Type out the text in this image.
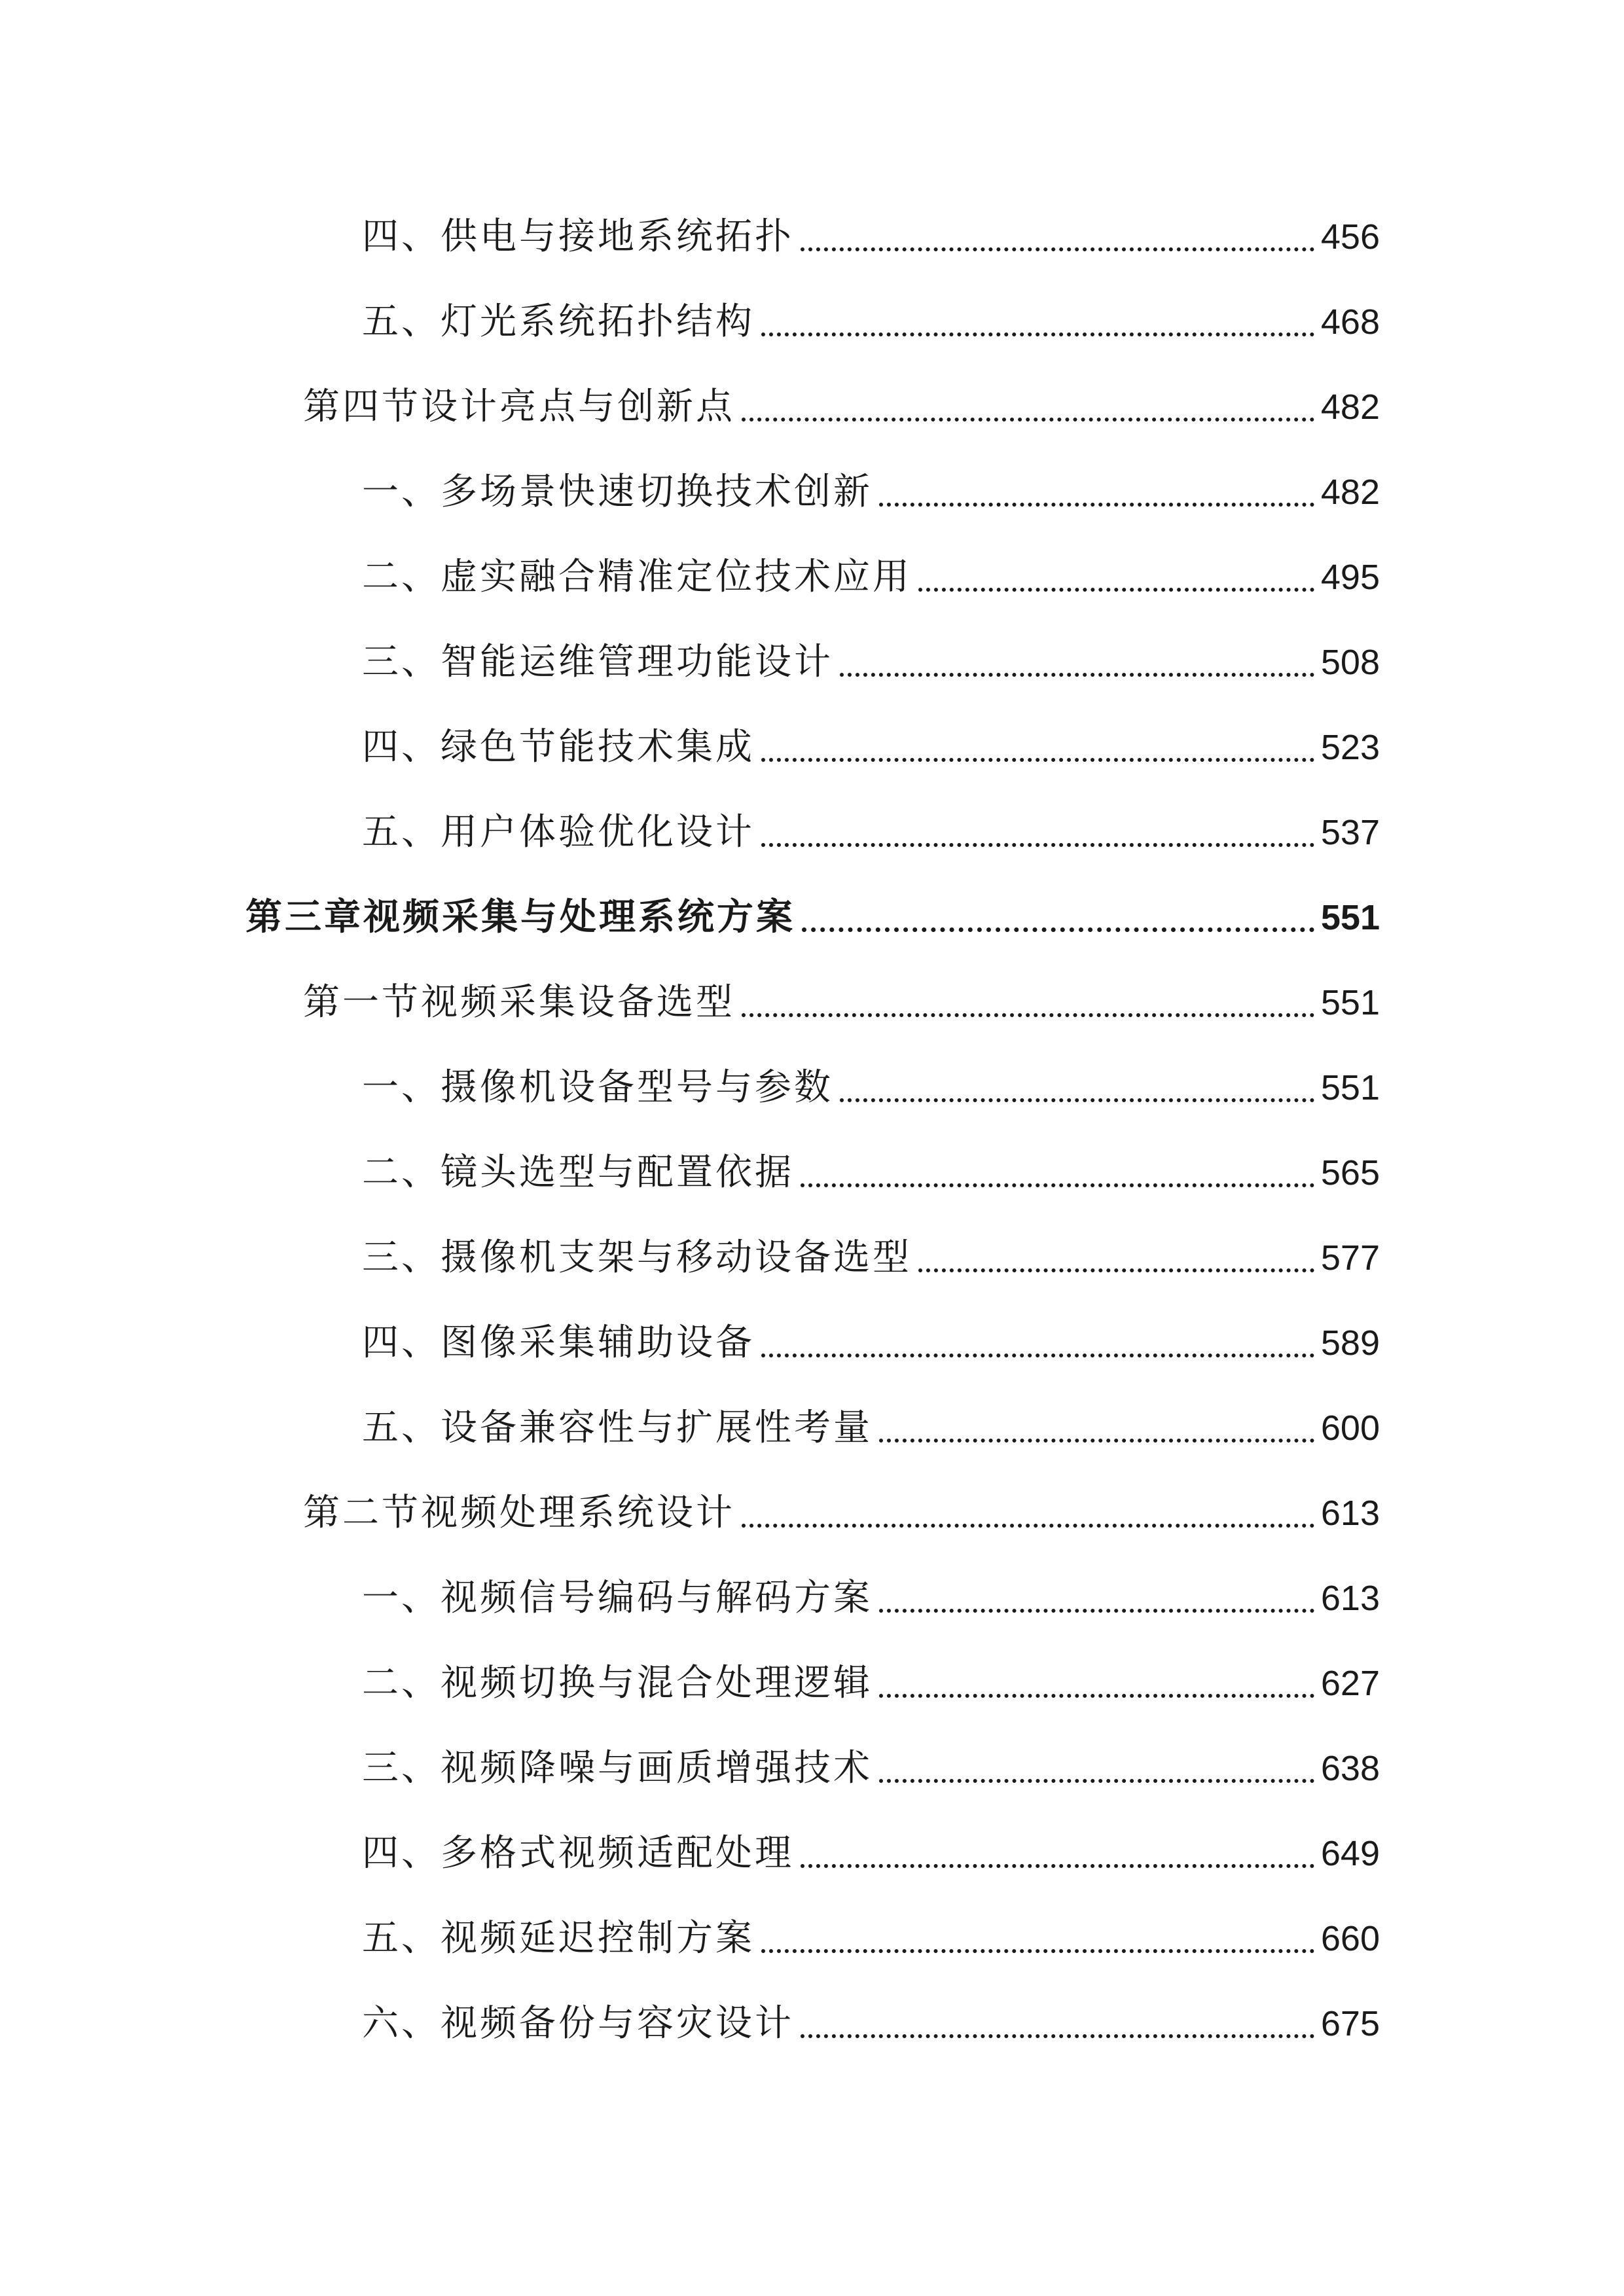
四、供电与接地系统拓扑	456
五、灯光系统拓扑结构	468
第四节设计亮点与创新点	482
一、多场景快速切换技术创新	482
二、虚实融合精准定位技术应用	495
三、智能运维管理功能设计	508
四、绿色节能技术集成	523
五、用户体验优化设计	537
第三章视频采集与处理系统方案	551
第一节视频采集设备选型	551
一、摄像机设备型号与参数	551
二、镜头选型与配置依据	565
三、摄像机支架与移动设备选型	577
四、图像采集辅助设备	589
五、设备兼容性与扩展性考量	600
第二节视频处理系统设计	613
一、视频信号编码与解码方案	613
二、视频切换与混合处理逻辑	627
三、视频降噪与画质增强技术	638
四、多格式视频适配处理	649
五、视频延迟控制方案	660
六、视频备份与容灾设计	675
